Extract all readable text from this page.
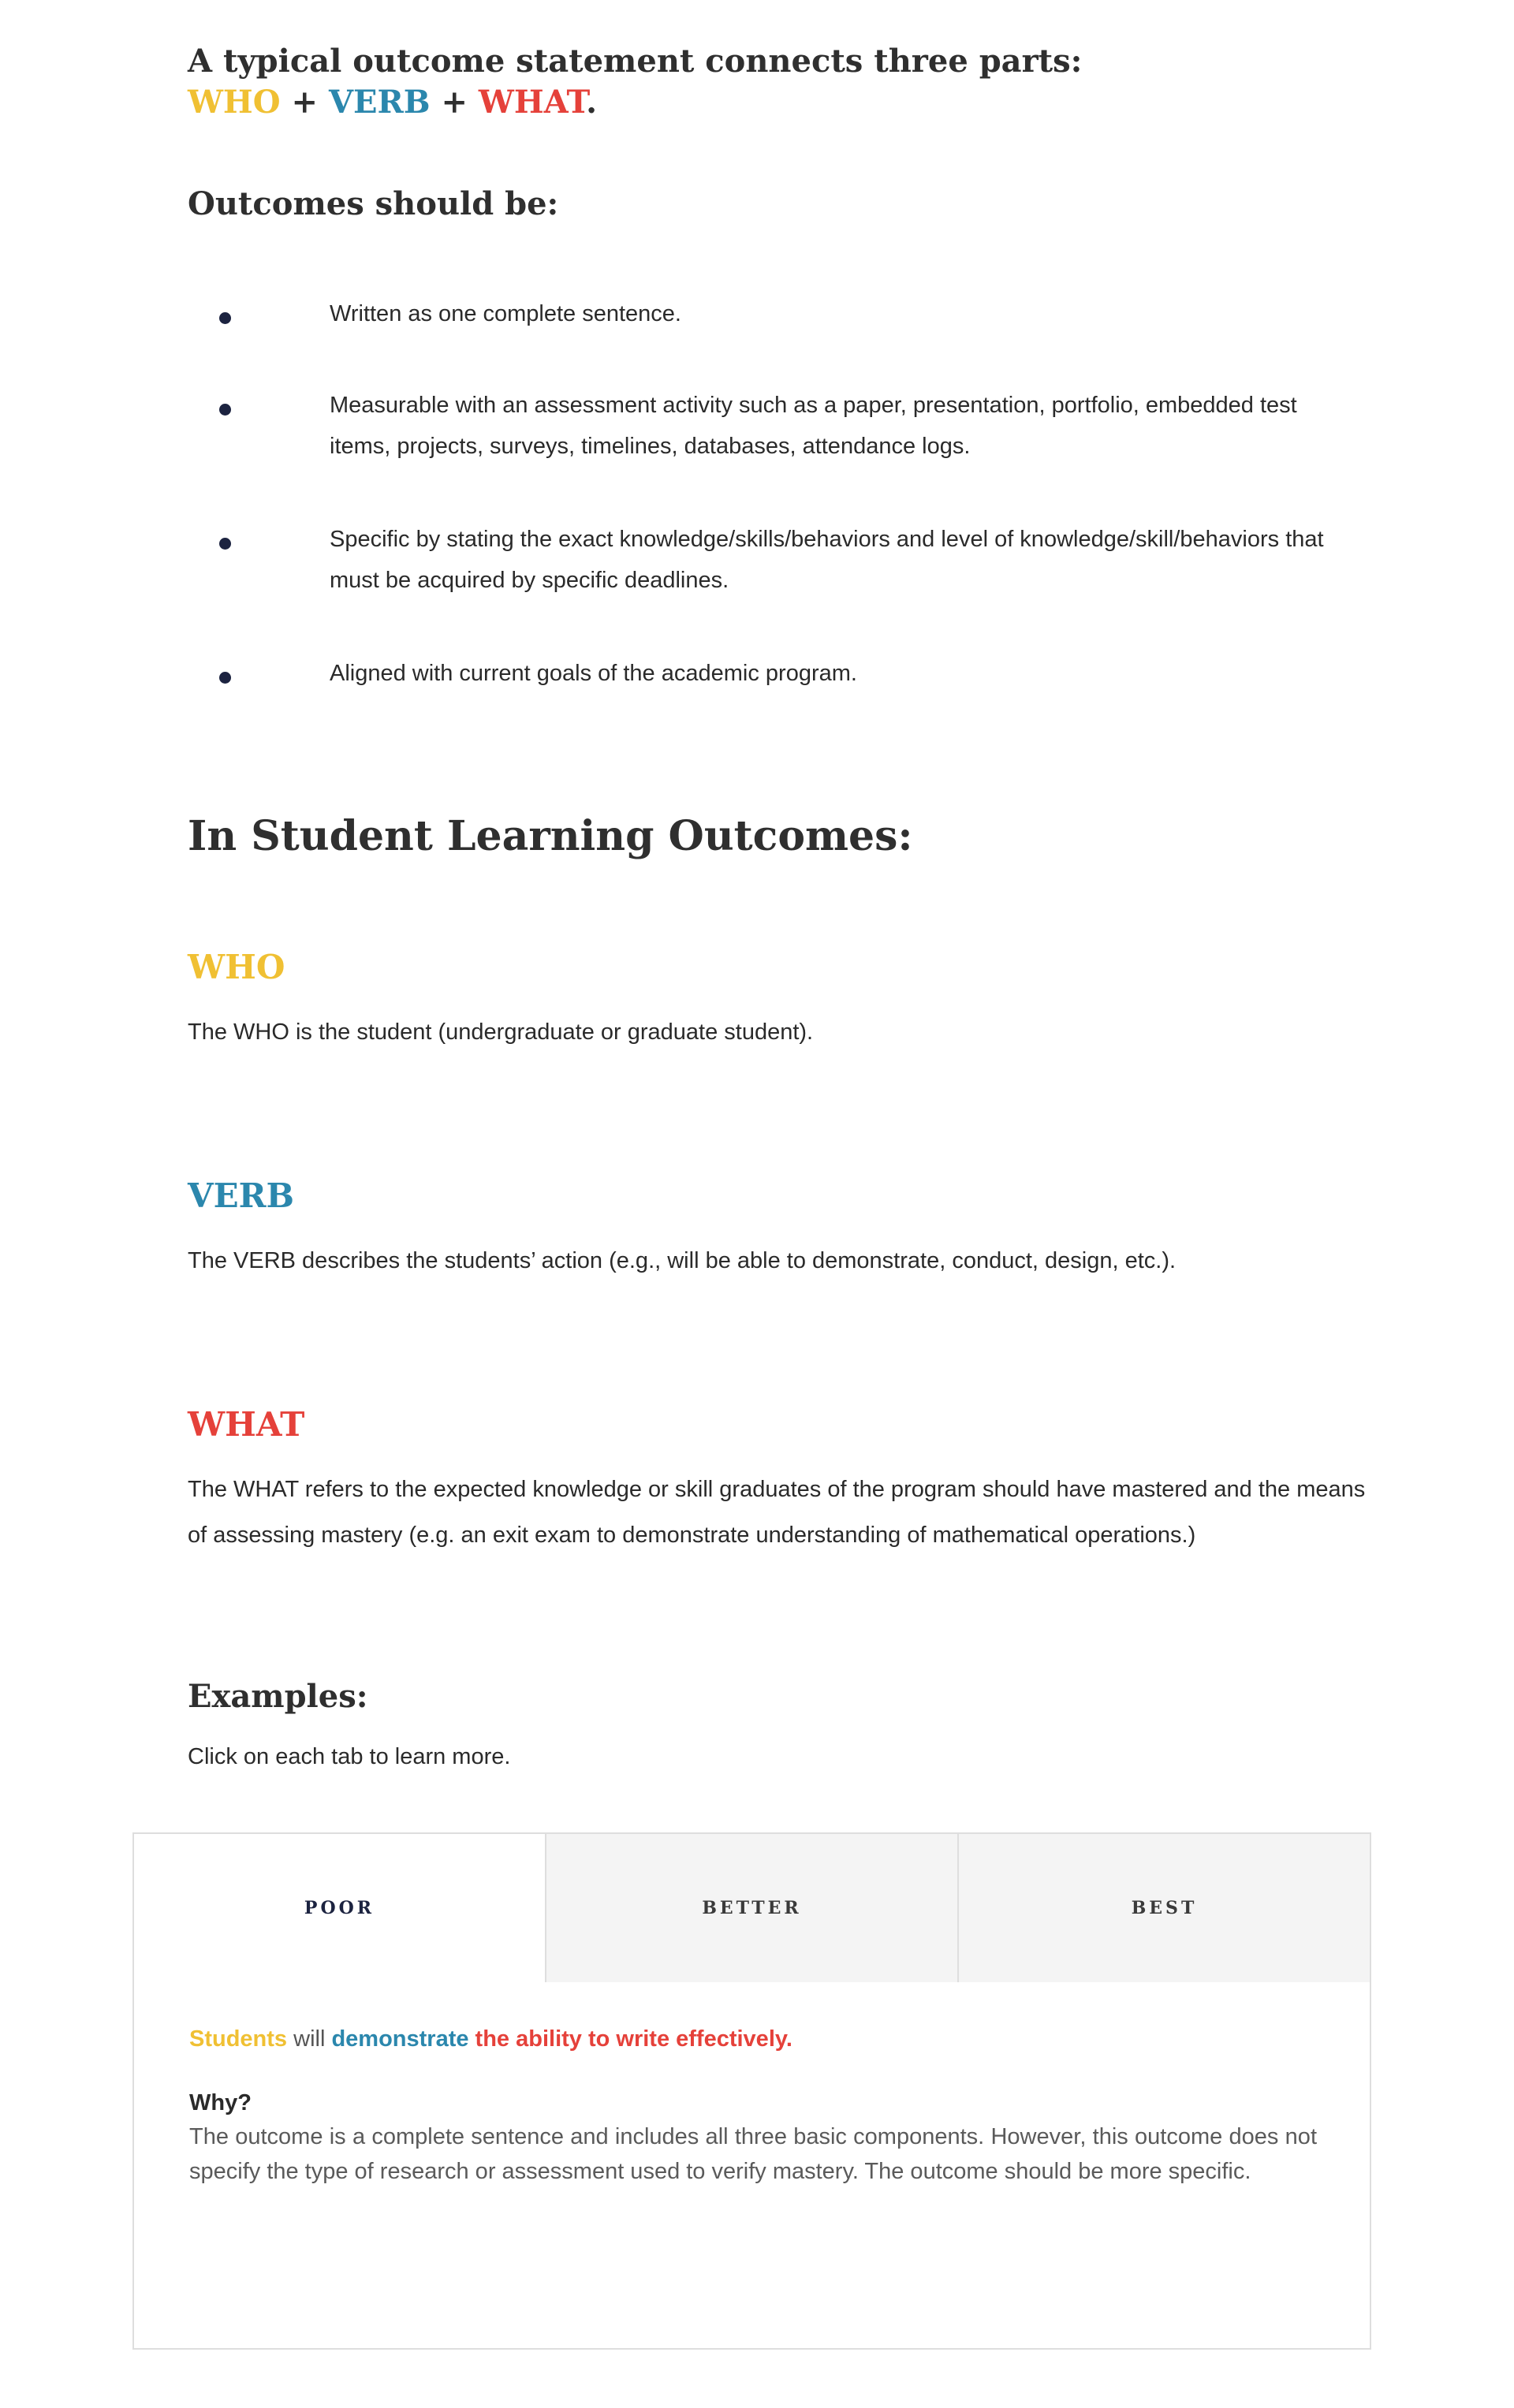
A typical outcome statement connects three parts:
WHO + VERB + WHAT.
Outcomes should be:

Written as one complete sentence.

Measurable with an assessment activity such as a paper, presentation, portfolio, embedded test items, projects, surveys, timelines, databases, attendance logs.

Specific by stating the exact knowledge/skills/behaviors and level of knowledge/skill/behaviors that must be acquired by specific deadlines.

Aligned with current goals of the academic program.

In Student Learning Outcomes:
WHO

The WHO is the student (undergraduate or graduate student).

VERB

The VERB describes the students’ action (e.g., will be able to demonstrate, conduct, design, etc.).

WHAT

The WHAT refers to the expected knowledge or skill graduates of the program should have mastered and the means of assessing mastery (e.g. an exit exam to demonstrate understanding of mathematical operations.)

Examples:

Click on each tab to learn more.

POOR	BETTER	BEST

Students will demonstrate the ability to write effectively.

Why?

The outcome is a complete sentence and includes all three basic components. However, this outcome does not specify the type of research or assessment used to verify mastery. The outcome should be more specific.
